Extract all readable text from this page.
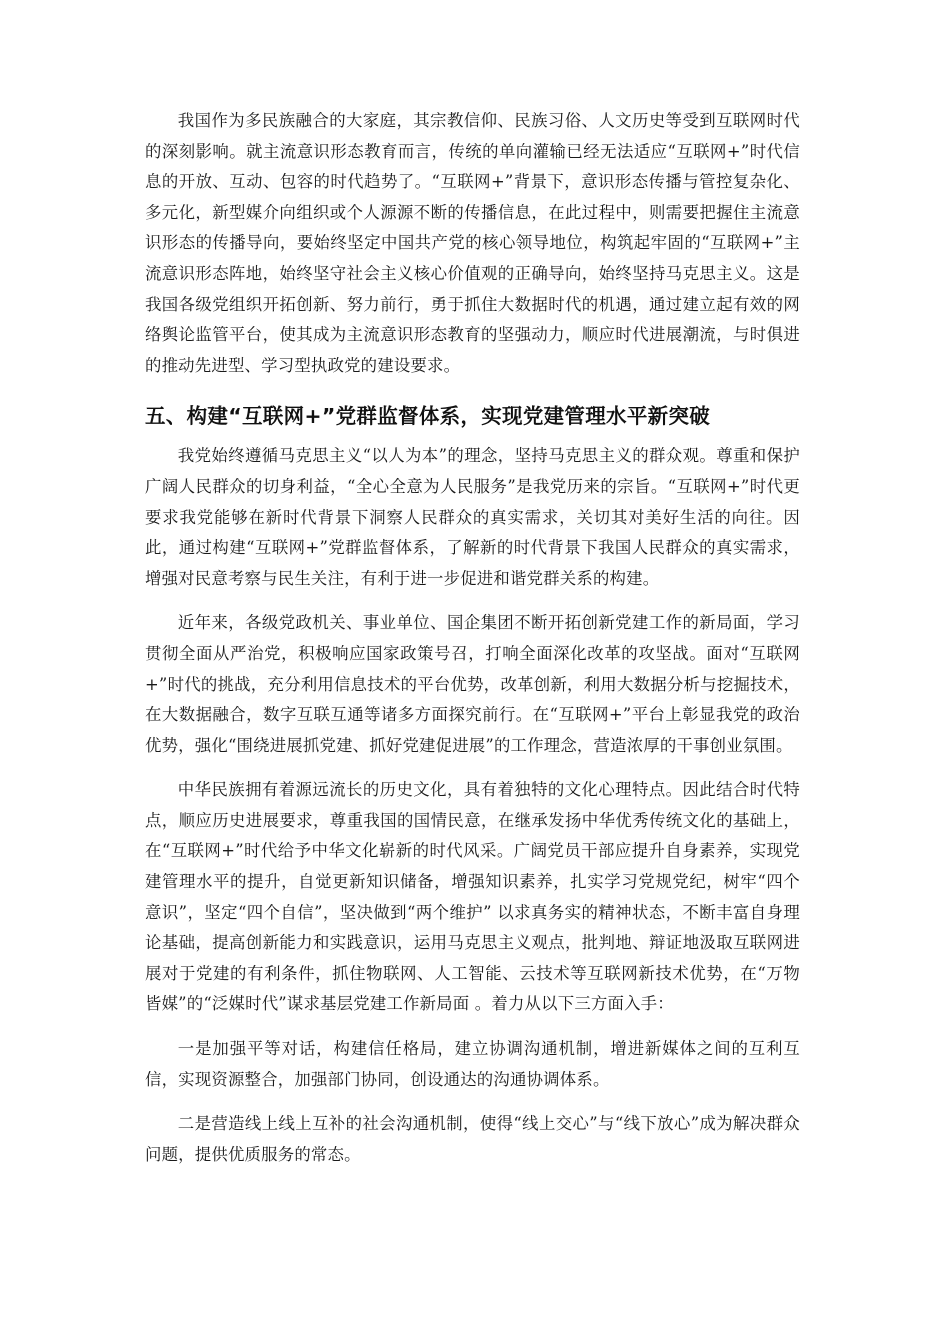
我国作为多民族融合的大家庭，其宗教信仰、民族习俗、人文历史等受到互联网时代的深刻影响。就主流意识形态教育而言，传统的单向灌输已经无法适应“互联网+”时代信息的开放、互动、包容的时代趋势了。“互联网+”背景下，意识形态传播与管控复杂化、多元化，新型媒介向组织或个人源源不断的传播信息，在此过程中，则需要把握住主流意识形态的传播导向，要始终坚定中国共产党的核心领导地位，构筑起牢固的“互联网+”主流意识形态阵地，始终坚守社会主义核心价值观的正确导向，始终坚持马克思主义。这是我国各级党组织开拓创新、努力前行，勇于抓住大数据时代的机遇，通过建立起有效的网络舆论监管平台，使其成为主流意识形态教育的坚强动力，顺应时代进展潮流，与时俱进的推动先进型、学习型执政党的建设要求。

五、构建“互联网+”党群监督体系，实现党建管理水平新突破

我党始终遵循马克思主义“以人为本”的理念，坚持马克思主义的群众观。尊重和保护广阔人民群众的切身利益，“全心全意为人民服务”是我党历来的宗旨。“互联网+”时代更要求我党能够在新时代背景下洞察人民群众的真实需求，关切其对美好生活的向往。因此，通过构建“互联网+”党群监督体系，了解新的时代背景下我国人民群众的真实需求，增强对民意考察与民生关注，有利于进一步促进和谐党群关系的构建。

近年来，各级党政机关、事业单位、国企集团不断开拓创新党建工作的新局面，学习贯彻全面从严治党，积极响应国家政策号召，打响全面深化改革的攻坚战。面对“互联网+”时代的挑战，充分利用信息技术的平台优势，改革创新，利用大数据分析与挖掘技术，在大数据融合，数字互联互通等诸多方面探究前行。在“互联网+”平台上彰显我党的政治优势，强化“围绕进展抓党建、抓好党建促进展”的工作理念，营造浓厚的干事创业氛围。

中华民族拥有着源远流长的历史文化，具有着独特的文化心理特点。因此结合时代特点，顺应历史进展要求，尊重我国的国情民意，在继承发扬中华优秀传统文化的基础上，在“互联网+”时代给予中华文化崭新的时代风采。广阔党员干部应提升自身素养，实现党建管理水平的提升，自觉更新知识储备，增强知识素养，扎实学习党规党纪，树牢“四个意识”，坚定“四个自信”，坚决做到“两个维护” 以求真务实的精神状态，不断丰富自身理论基础，提高创新能力和实践意识，运用马克思主义观点，批判地、辩证地汲取互联网进展对于党建的有利条件，抓住物联网、人工智能、云技术等互联网新技术优势，在“万物皆媒”的“泛媒时代”谋求基层党建工作新局面 。着力从以下三方面入手：

一是加强平等对话，构建信任格局，建立协调沟通机制，增进新媒体之间的互利互信，实现资源整合，加强部门协同，创设通达的沟通协调体系。

二是营造线上线上互补的社会沟通机制，使得“线上交心”与“线下放心”成为解决群众问题，提供优质服务的常态。
